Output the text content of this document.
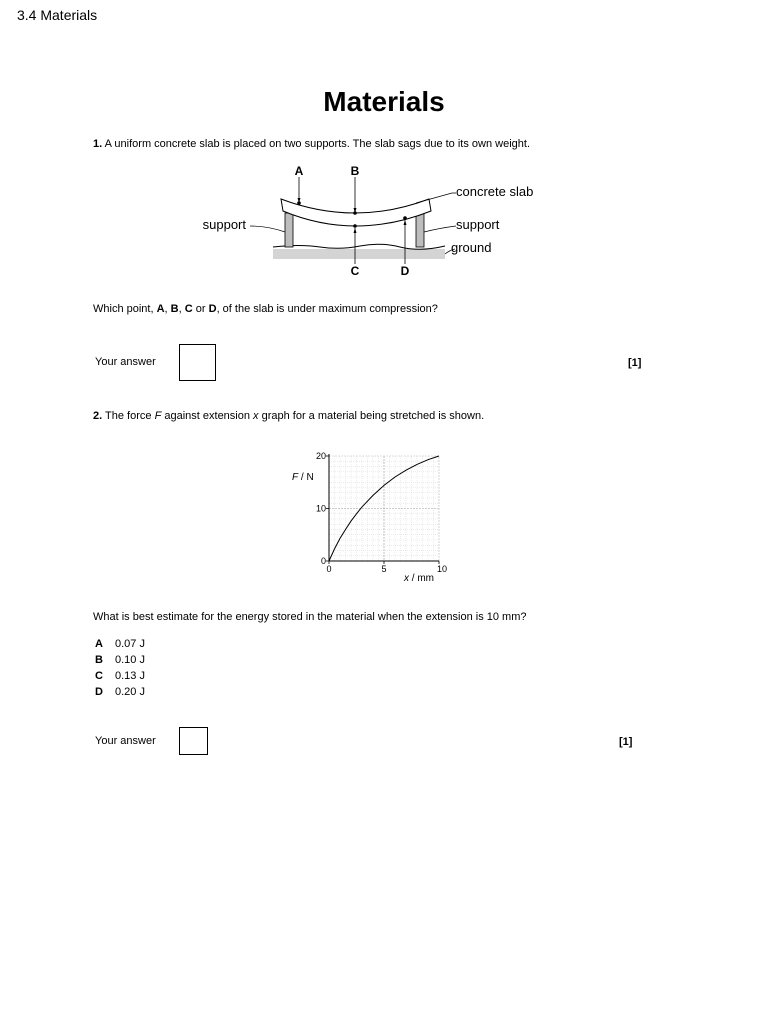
3.4 Materials
Materials
1. A uniform concrete slab is placed on two supports. The slab sags due to its own weight.
A	B
C	D
concrete slab
support	support
ground
Which point, A, B, C or D, of the slab is under maximum compression?
Your answer	[1]
2. The force F against extension x graph for a material being stretched is shown.
0	5	10
0
10
20
F / N
x / mm
What is best estimate for the energy stored in the material when the extension is 10 mm?
A	0.07 J
B	0.10 J
C	0.13 J
D	0.20 J
Your answer	[1]
